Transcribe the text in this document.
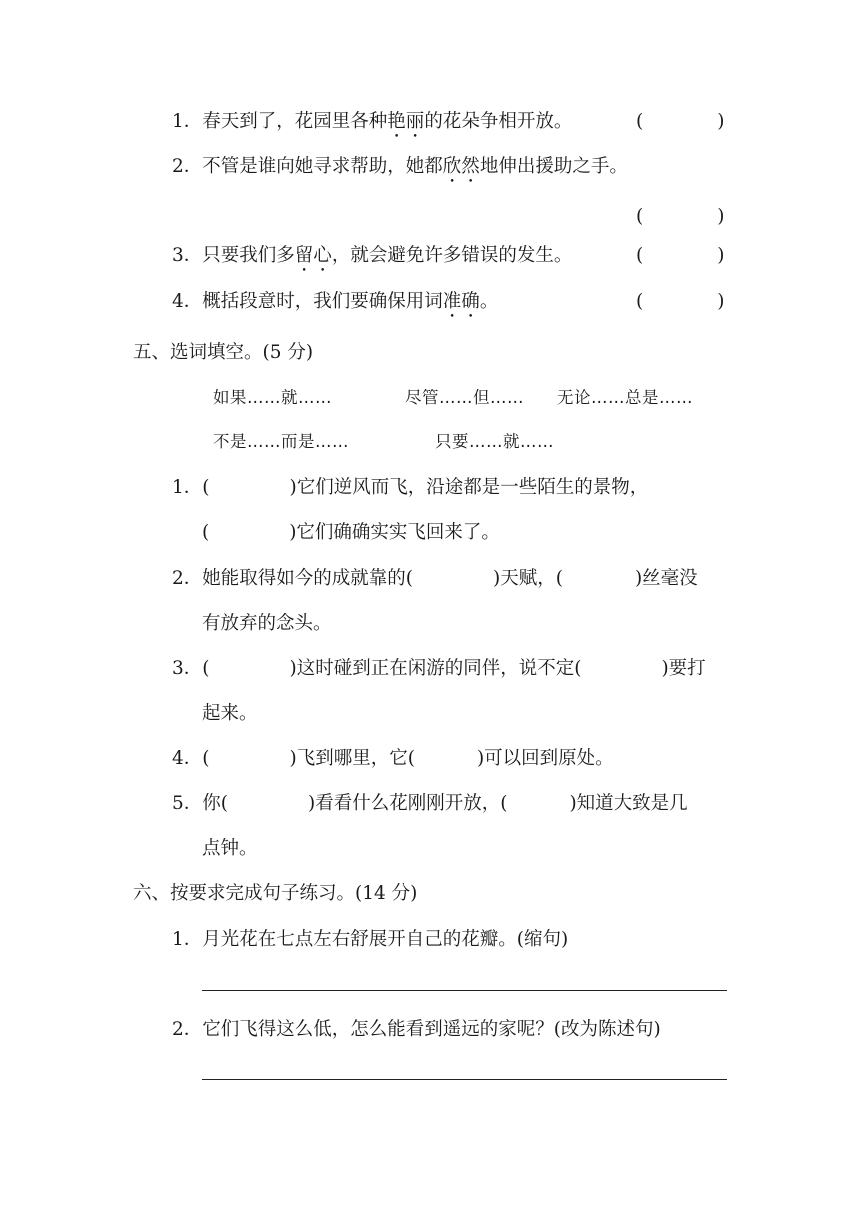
1．春天到了，花园里各种艳丽的花朵争相开放。	(　　　　)
2．不管是谁向她寻求帮助，她都欣然地伸出援助之手。
(　　　　)
3．只要我们多留心，就会避免许多错误的发生。	(　　　　)
4．概括段意时，我们要确保用词准确。	(　　　　)
五、选词填空。(5 分)
如果……就……	尽管……但…… 无论……总是……
不是……而是……	只要……就……
1．(	)它们逆风而飞，沿途都是一些陌生的景物，
(	)它们确确实实飞回来了。
2．她能取得如今的成就靠的(	)天赋，(	)丝毫没
有放弃的念头。
3．(	)这时碰到正在闲游的同伴，说不定(	)要打
起来。
4．(	)飞到哪里，它(	)可以回到原处。
5．你(	)看看什么花刚刚开放，(	)知道大致是几
点钟。
六、按要求完成句子练习。(14 分)
1．月光花在七点左右舒展开自己的花瓣。(缩句)
2．它们飞得这么低，怎么能看到遥远的家呢？(改为陈述句)
